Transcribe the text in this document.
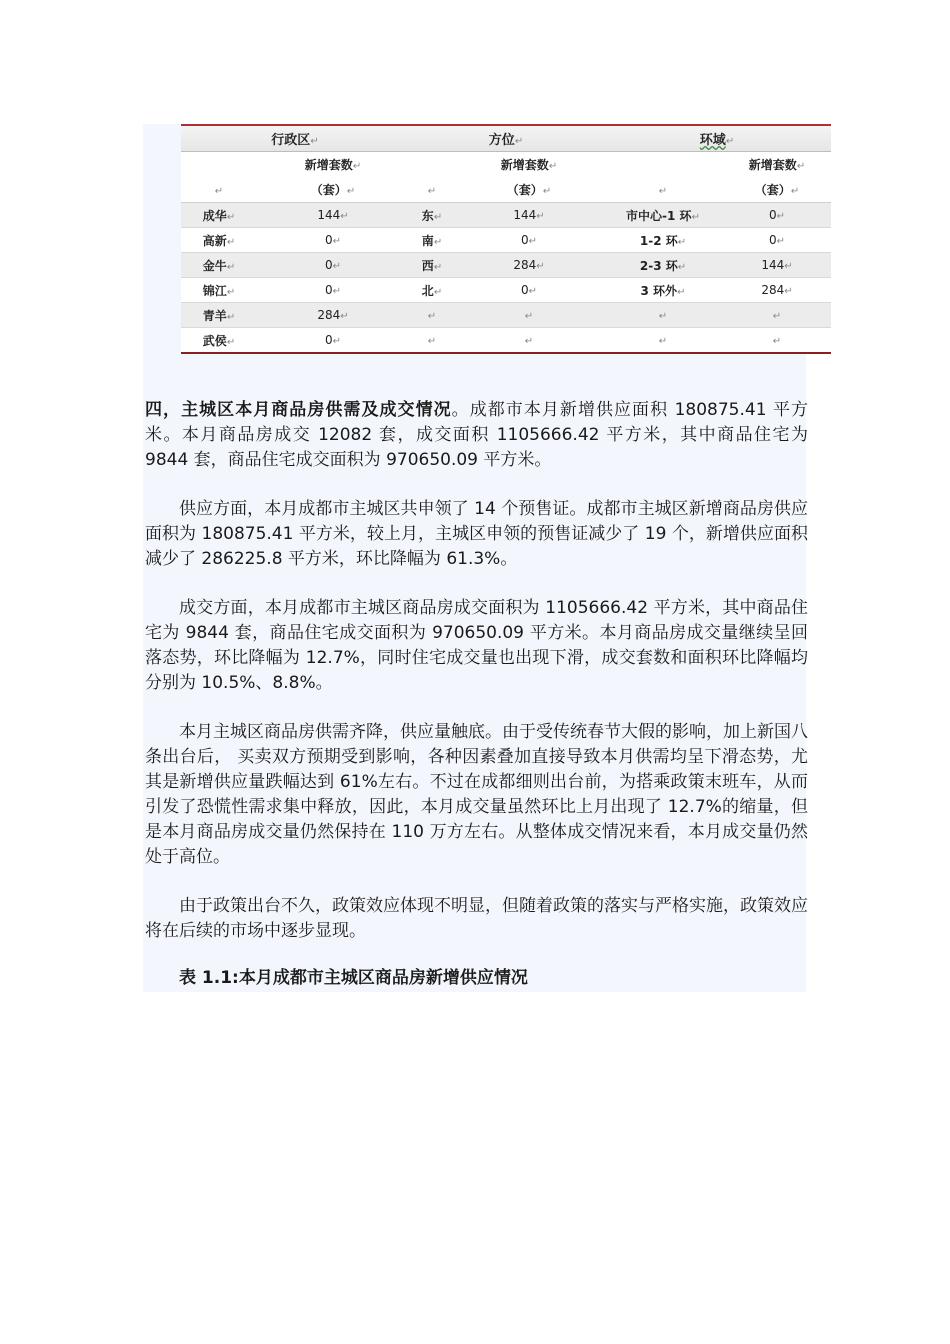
行政区↵		方位↵		环域↵	
	新增套数↵		新增套数↵		新增套数↵
↵	（套）↵	↵	（套）↵	↵	（套）↵
成华↵	144↵	东↵	144↵	市中心-1 环↵	0↵
高新↵	0↵	南↵	0↵	1-2 环↵	0↵
金牛↵	0↵	西↵	284↵	2-3 环↵	144↵
锦江↵	0↵	北↵	0↵	3 环外↵	284↵
青羊↵	284↵	↵	↵	↵	↵
武侯↵	0↵	↵	↵	↵	↵

四，主城区本月商品房供需及成交情况。成都市本月新增供应面积 180875.41 平方米。本月商品房成交 12082 套，成交面积 1105666.42 平方米，其中商品住宅为 9844 套，商品住宅成交面积为 970650.09 平方米。

供应方面，本月成都市主城区共申领了 14 个预售证。成都市主城区新增商品房供应面积为 180875.41 平方米，较上月，主城区申领的预售证减少了 19 个，新增供应面积减少了 286225.8 平方米，环比降幅为 61.3%。

成交方面，本月成都市主城区商品房成交面积为 1105666.42 平方米，其中商品住宅为 9844 套，商品住宅成交面积为 970650.09 平方米。本月商品房成交量继续呈回落态势，环比降幅为 12.7%，同时住宅成交量也出现下滑，成交套数和面积环比降幅均分别为 10.5%、8.8%。

本月主城区商品房供需齐降，供应量触底。由于受传统春节大假的影响，加上新国八条出台后， 买卖双方预期受到影响，各种因素叠加直接导致本月供需均呈下滑态势，尤其是新增供应量跌幅达到 61%左右。不过在成都细则出台前，为搭乘政策末班车，从而引发了恐慌性需求集中释放，因此，本月成交量虽然环比上月出现了 12.7%的缩量，但是本月商品房成交量仍然保持在 110 万方左右。从整体成交情况来看，本月成交量仍然处于高位。

由于政策出台不久，政策效应体现不明显，但随着政策的落实与严格实施，政策效应将在后续的市场中逐步显现。

表 1.1:本月成都市主城区商品房新增供应情况
